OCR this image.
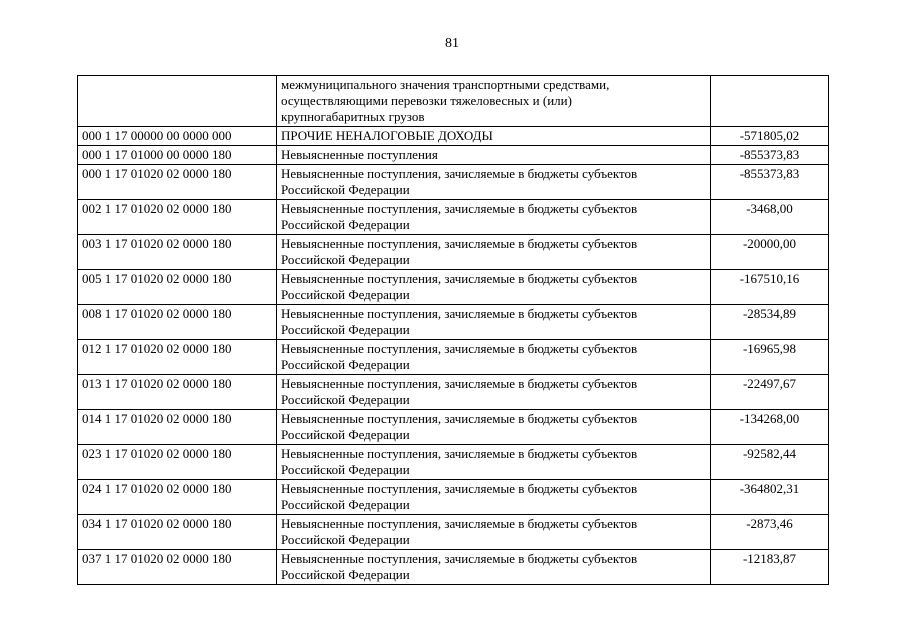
81

	межмуниципального значения транспортными средствами,
осуществляющими перевозки тяжеловесных и (или)
крупногабаритных грузов	

000 1 17 00000 00 0000 000	ПРОЧИЕ НЕНАЛОГОВЫЕ ДОХОДЫ	-571805,02
000 1 17 01000 00 0000 180	Невыясненные поступления	-855373,83
000 1 17 01020 02 0000 180	Невыясненные поступления, зачисляемые в бюджеты субъектов
Российской Федерации	-855373,83
002 1 17 01020 02 0000 180	Невыясненные поступления, зачисляемые в бюджеты субъектов
Российской Федерации	-3468,00
003 1 17 01020 02 0000 180	Невыясненные поступления, зачисляемые в бюджеты субъектов
Российской Федерации	-20000,00
005 1 17 01020 02 0000 180	Невыясненные поступления, зачисляемые в бюджеты субъектов
Российской Федерации	-167510,16
008 1 17 01020 02 0000 180	Невыясненные поступления, зачисляемые в бюджеты субъектов
Российской Федерации	-28534,89
012 1 17 01020 02 0000 180	Невыясненные поступления, зачисляемые в бюджеты субъектов
Российской Федерации	-16965,98
013 1 17 01020 02 0000 180	Невыясненные поступления, зачисляемые в бюджеты субъектов
Российской Федерации	-22497,67
014 1 17 01020 02 0000 180	Невыясненные поступления, зачисляемые в бюджеты субъектов
Российской Федерации	-134268,00
023 1 17 01020 02 0000 180	Невыясненные поступления, зачисляемые в бюджеты субъектов
Российской Федерации	-92582,44
024 1 17 01020 02 0000 180	Невыясненные поступления, зачисляемые в бюджеты субъектов
Российской Федерации	-364802,31
034 1 17 01020 02 0000 180	Невыясненные поступления, зачисляемые в бюджеты субъектов
Российской Федерации	-2873,46
037 1 17 01020 02 0000 180	Невыясненные поступления, зачисляемые в бюджеты субъектов
Российской Федерации	-12183,87
